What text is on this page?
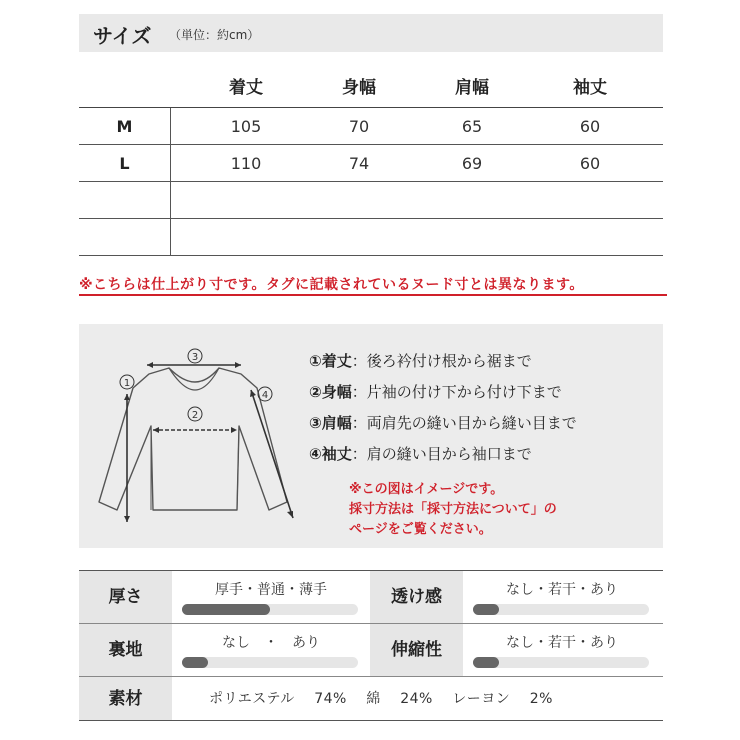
サイズ （単位：約cm）
着丈	身幅	肩幅	袖丈
M	105	70	65	60
L	110	74	69	60
※こちらは仕上がり寸です。タグに記載されているヌード寸とは異なります。
3
2
1
4
①着丈：後ろ衿付け根から裾まで
②身幅：片袖の付け下から付け下まで
③肩幅：両肩先の縫い目から縫い目まで
④袖丈：肩の縫い目から袖口まで
※この図はイメージです。
採寸方法は「採寸方法について」の
ページをご覧ください。
厚さ	厚手・普通・薄手	透け感	なし・若干・あり
裏地	なし　・　あり	伸縮性	なし・若干・あり
素材	ポリエステル　 74%　 綿　 24%　 レーヨン　 2%
